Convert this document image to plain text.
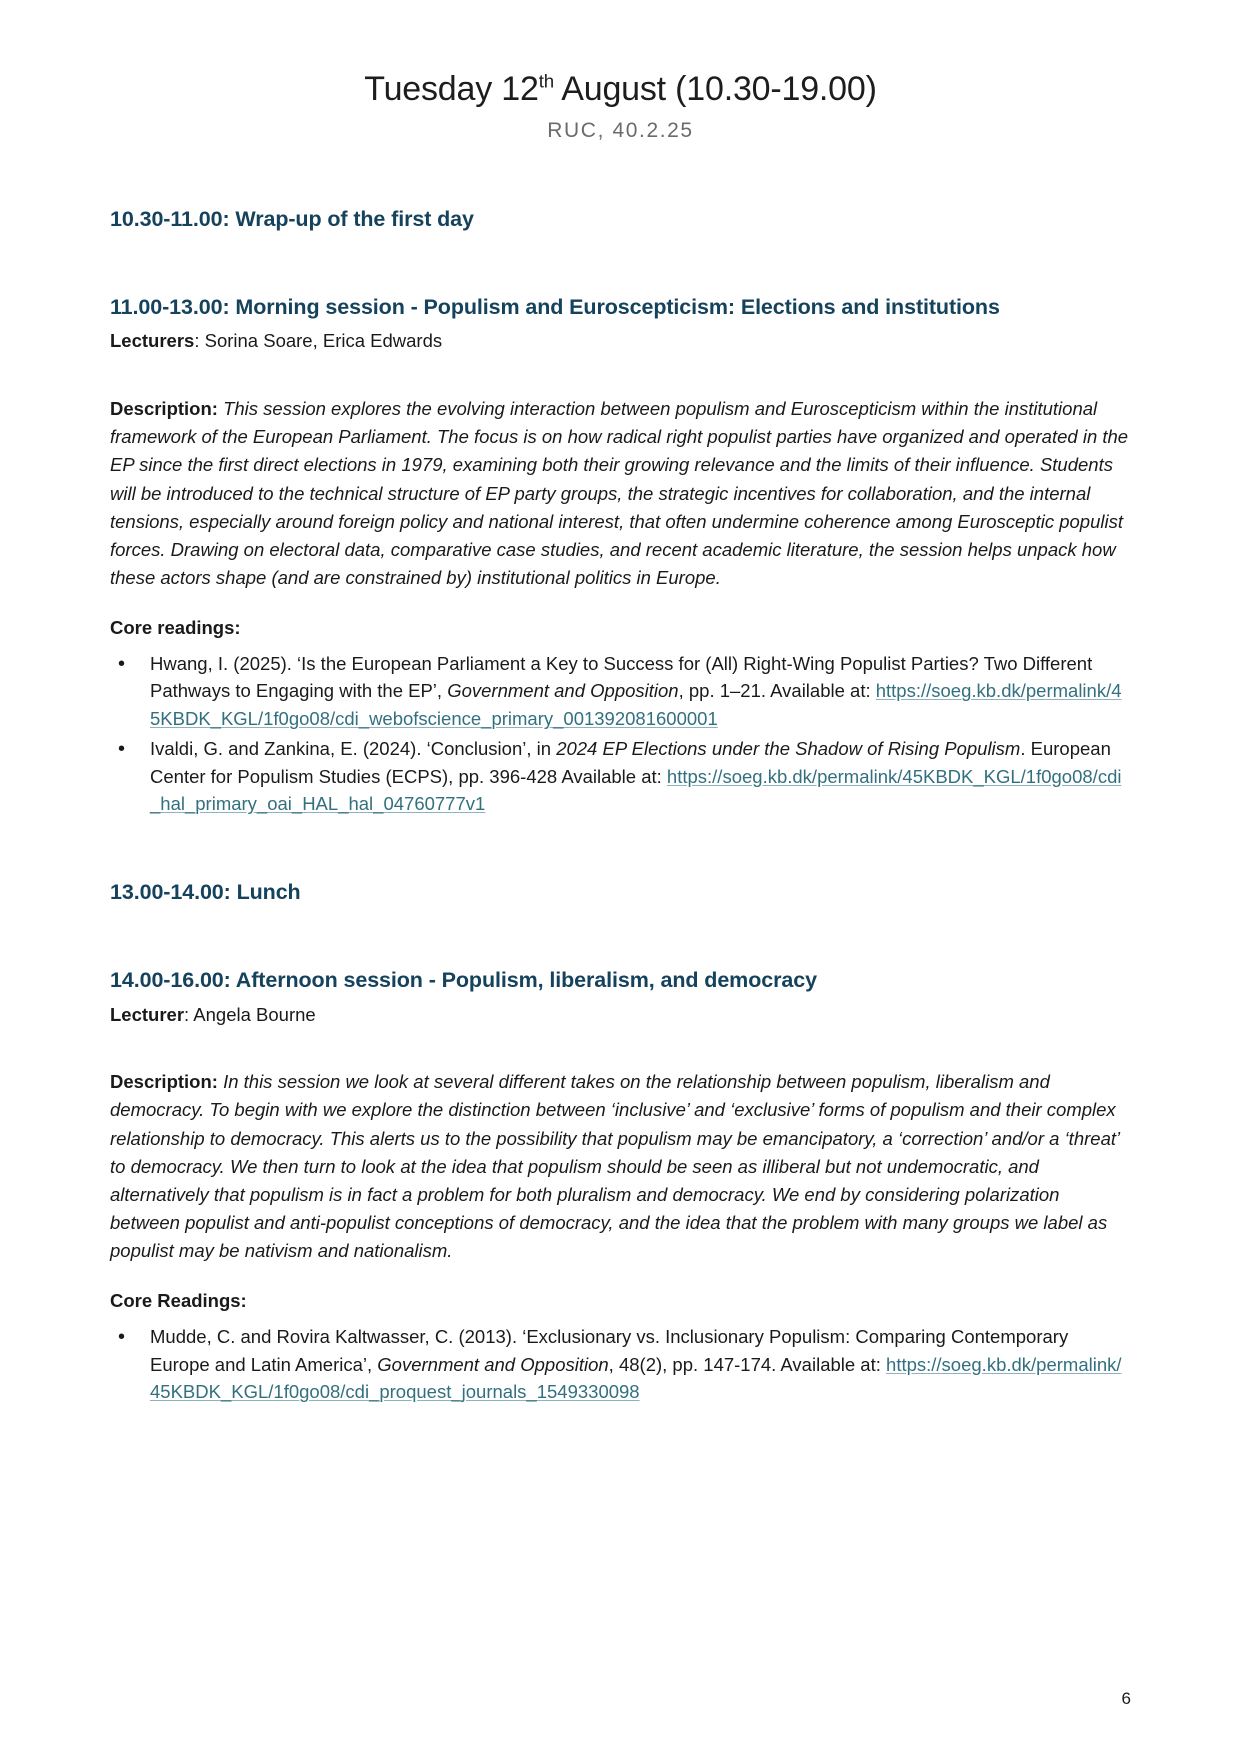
Tuesday 12th August (10.30-19.00)
RUC, 40.2.25
10.30-11.00: Wrap-up of the first day
11.00-13.00: Morning session - Populism and Euroscepticism: Elections and institutions

Lecturers: Sorina Soare, Erica Edwards

Description: This session explores the evolving interaction between populism and Euroscepticism within the institutional framework of the European Parliament. The focus is on how radical right populist parties have organized and operated in the EP since the first direct elections in 1979, examining both their growing relevance and the limits of their influence. Students will be introduced to the technical structure of EP party groups, the strategic incentives for collaboration, and the internal tensions, especially around foreign policy and national interest, that often undermine coherence among Eurosceptic populist forces. Drawing on electoral data, comparative case studies, and recent academic literature, the session helps unpack how these actors shape (and are constrained by) institutional politics in Europe.

Core readings:

• Hwang, I. (2025). ‘Is the European Parliament a Key to Success for (All) Right-Wing Populist Parties? Two Different Pathways to Engaging with the EP’, Government and Opposition, pp. 1–21. Available at: https://soeg.kb.dk/permalink/45KBDK_KGL/1f0go08/cdi_webofscience_primary_001392081600001
• Ivaldi, G. and Zankina, E. (2024). ‘Conclusion’, in 2024 EP Elections under the Shadow of Rising Populism. European Center for Populism Studies (ECPS), pp. 396-428 Available at: https://soeg.kb.dk/permalink/45KBDK_KGL/1f0go08/cdi_hal_primary_oai_HAL_hal_04760777v1
13.00-14.00: Lunch
14.00-16.00: Afternoon session - Populism, liberalism, and democracy

Lecturer: Angela Bourne

Description: In this session we look at several different takes on the relationship between populism, liberalism and democracy. To begin with we explore the distinction between ‘inclusive’ and ‘exclusive’ forms of populism and their complex relationship to democracy. This alerts us to the possibility that populism may be emancipatory, a ‘correction’ and/or a ‘threat’ to democracy. We then turn to look at the idea that populism should be seen as illiberal but not undemocratic, and alternatively that populism is in fact a problem for both pluralism and democracy. We end by considering polarization between populist and anti-populist conceptions of democracy, and the idea that the problem with many groups we label as populist may be nativism and nationalism.

Core Readings:

• Mudde, C. and Rovira Kaltwasser, C. (2013). ‘Exclusionary vs. Inclusionary Populism: Comparing Contemporary Europe and Latin America’, Government and Opposition, 48(2), pp. 147-174. Available at: https://soeg.kb.dk/permalink/45KBDK_KGL/1f0go08/cdi_proquest_journals_1549330098
6
